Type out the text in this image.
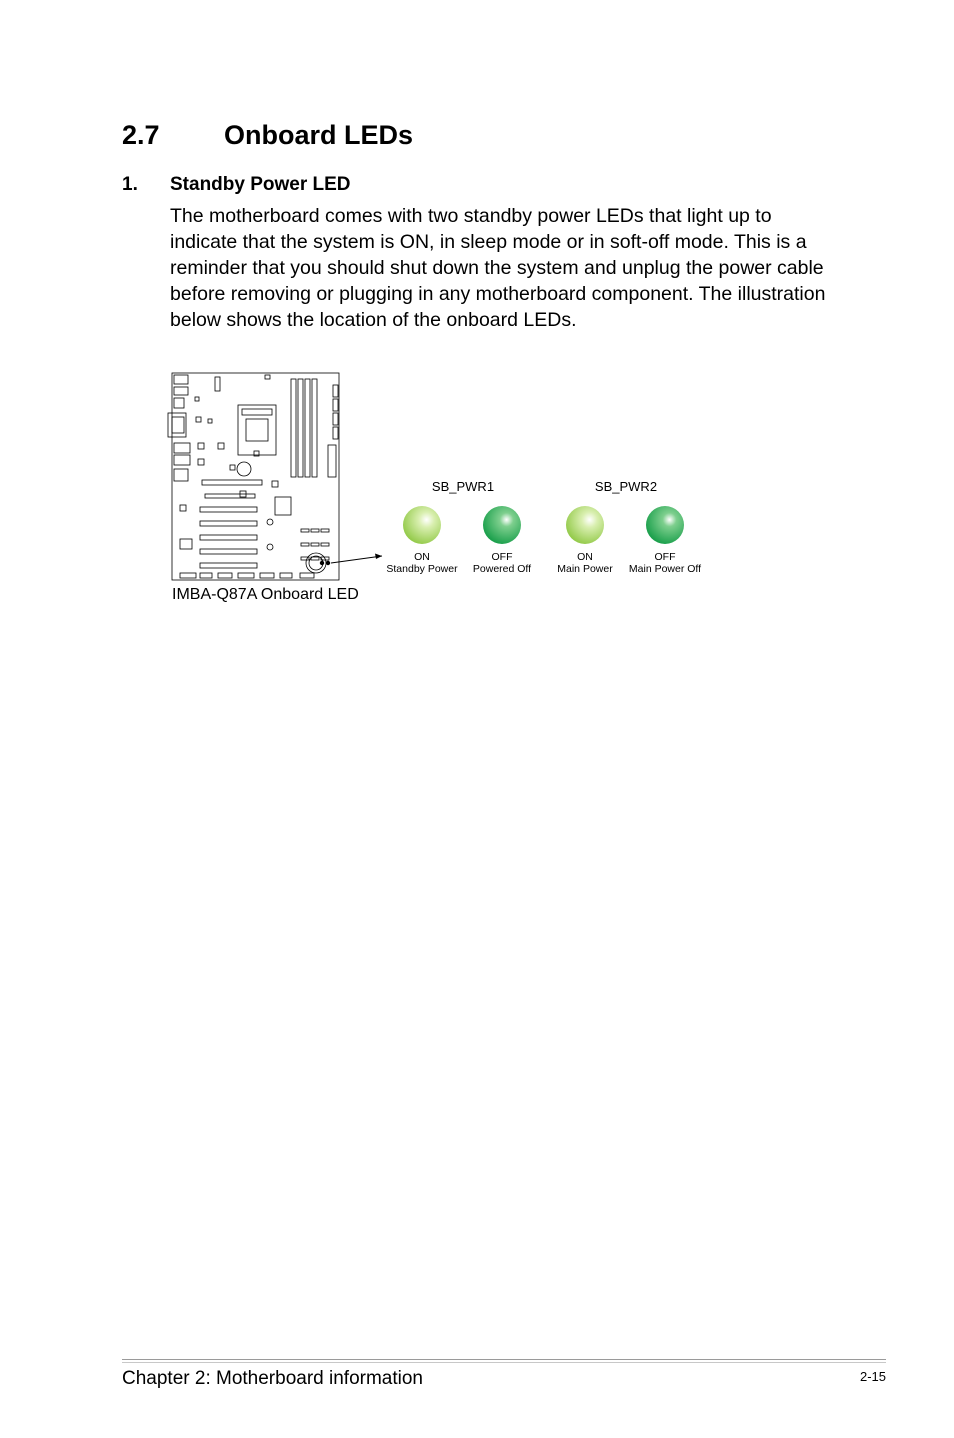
2.7 Onboard LEDs
1. Standby Power LED

The motherboard comes with two standby power LEDs that light up to indicate that the system is ON, in sleep mode or in soft-off mode. This is a reminder that you should shut down the system and unplug the power cable before removing or plugging in any motherboard component. The illustration below shows the location of the onboard LEDs.

SB_PWR1	SB_PWR2
ON
Standby Power
OFF
Powered Off
ON
Main Power
OFF
Main Power Off
IMBA-Q87A Onboard LED
Chapter 2: Motherboard information	2-15
